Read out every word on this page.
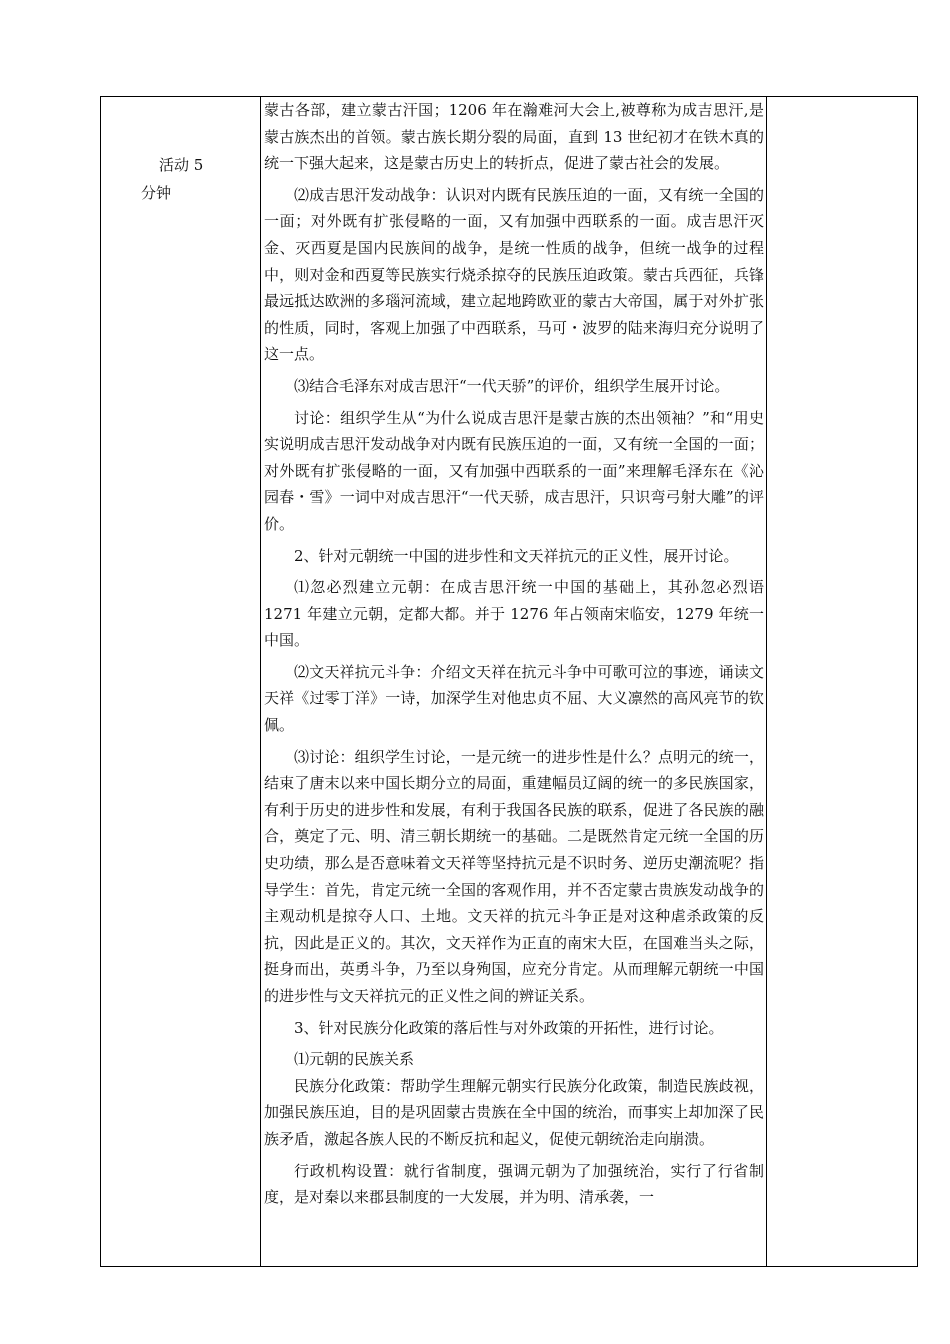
活动 5
分钟

蒙古各部，建立蒙古汗国；1206 年在瀚难河大会上,被尊称为成吉思汗,是蒙古族杰出的首领。蒙古族长期分裂的局面，直到 13 世纪初才在铁木真的统一下强大起来，这是蒙古历史上的转折点，促进了蒙古社会的发展。

⑵成吉思汗发动战争：认识对内既有民族压迫的一面，又有统一全国的一面；对外既有扩张侵略的一面，又有加强中西联系的一面。成吉思汗灭金、灭西夏是国内民族间的战争，是统一性质的战争，但统一战争的过程中，则对金和西夏等民族实行烧杀掠夺的民族压迫政策。蒙古兵西征，兵锋最远抵达欧洲的多瑙河流域，建立起地跨欧亚的蒙古大帝国，属于对外扩张的性质，同时，客观上加强了中西联系，马可・波罗的陆来海归充分说明了这一点。

⑶结合毛泽东对成吉思汗“一代天骄”的评价，组织学生展开讨论。

讨论：组织学生从“为什么说成吉思汗是蒙古族的杰出领袖？”和“用史实说明成吉思汗发动战争对内既有民族压迫的一面，又有统一全国的一面；对外既有扩张侵略的一面，又有加强中西联系的一面”来理解毛泽东在《沁园春・雪》一词中对成吉思汗“一代天骄，成吉思汗，只识弯弓射大雕”的评价。

2、针对元朝统一中国的进步性和文天祥抗元的正义性，展开讨论。

⑴忽必烈建立元朝：在成吉思汗统一中国的基础上，其孙忽必烈语 1271 年建立元朝，定都大都。并于 1276 年占领南宋临安，1279 年统一中国。

⑵文天祥抗元斗争：介绍文天祥在抗元斗争中可歌可泣的事迹，诵读文天祥《过零丁洋》一诗，加深学生对他忠贞不屈、大义凛然的高风亮节的钦佩。

⑶讨论：组织学生讨论，一是元统一的进步性是什么？点明元的统一，结束了唐末以来中国长期分立的局面，重建幅员辽阔的统一的多民族国家，有利于历史的进步性和发展，有利于我国各民族的联系，促进了各民族的融合，奠定了元、明、清三朝长期统一的基础。二是既然肯定元统一全国的历史功绩，那么是否意味着文天祥等坚持抗元是不识时务、逆历史潮流呢？指导学生：首先，肯定元统一全国的客观作用，并不否定蒙古贵族发动战争的主观动机是掠夺人口、土地。文天祥的抗元斗争正是对这种虐杀政策的反抗，因此是正义的。其次，文天祥作为正直的南宋大臣，在国难当头之际，挺身而出，英勇斗争，乃至以身殉国，应充分肯定。从而理解元朝统一中国的进步性与文天祥抗元的正义性之间的辨证关系。

3、针对民族分化政策的落后性与对外政策的开拓性，进行讨论。

⑴元朝的民族关系

民族分化政策：帮助学生理解元朝实行民族分化政策，制造民族歧视，加强民族压迫，目的是巩固蒙古贵族在全中国的统治，而事实上却加深了民族矛盾，激起各族人民的不断反抗和起义，促使元朝统治走向崩溃。

行政机构设置：就行省制度，强调元朝为了加强统治，实行了行省制度，是对秦以来郡县制度的一大发展，并为明、清承袭，一
